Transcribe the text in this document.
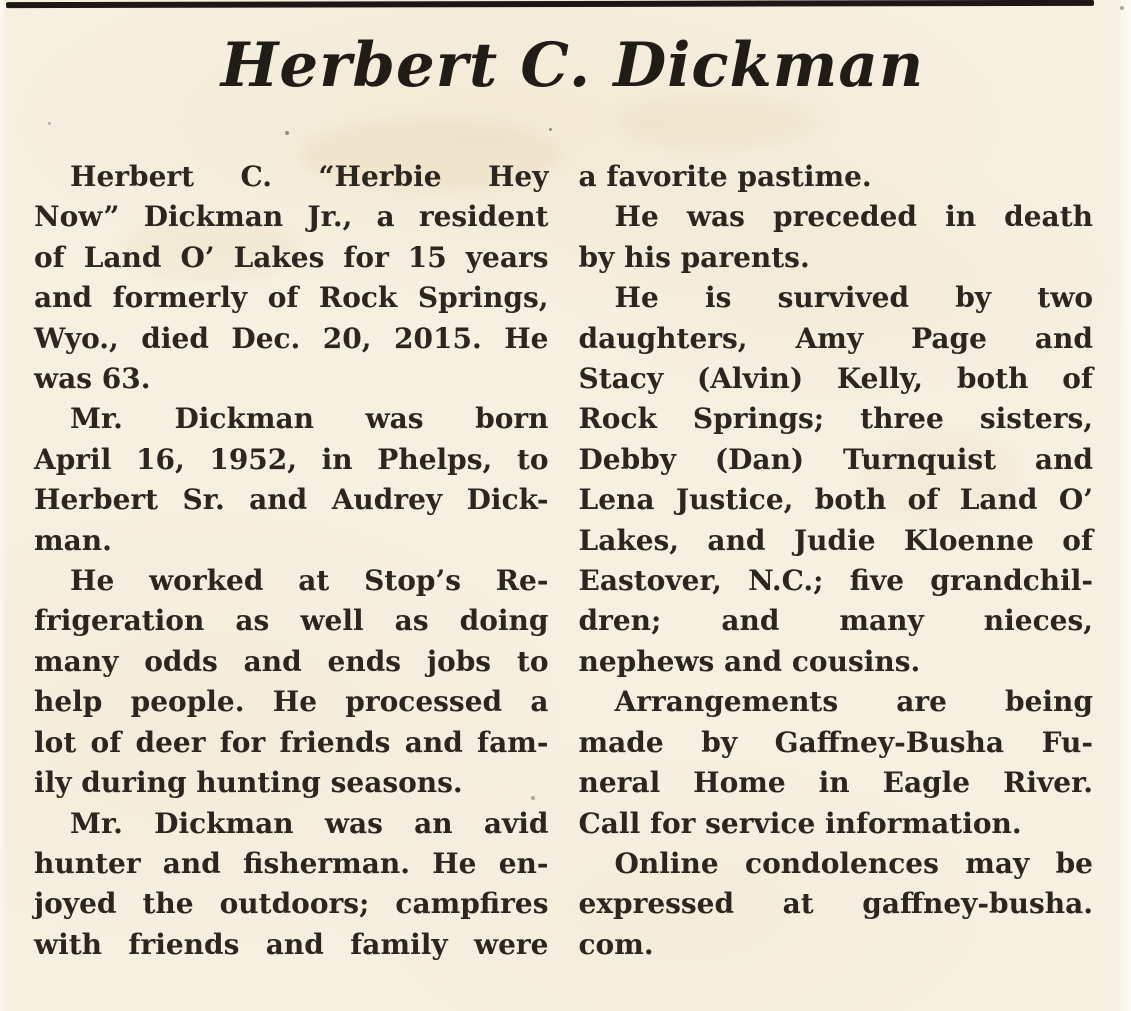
Herbert C. Dickman
Herbert C. “Herbie Hey
Now” Dickman Jr., a resident
of Land O’ Lakes for 15 years
and formerly of Rock Springs,
Wyo., died Dec. 20, 2015. He
was 63.
Mr. Dickman was born
April 16, 1952, in Phelps, to
Herbert Sr. and Audrey Dick-
man.
He worked at Stop’s Re-
frigeration as well as doing
many odds and ends jobs to
help people. He processed a
lot of deer for friends and fam-
ily during hunting seasons.
Mr. Dickman was an avid
hunter and fisherman. He en-
joyed the outdoors; campfires
with friends and family were
a favorite pastime.
He was preceded in death
by his parents.
He is survived by two
daughters, Amy Page and
Stacy (Alvin) Kelly, both of
Rock Springs; three sisters,
Debby (Dan) Turnquist and
Lena Justice, both of Land O’
Lakes, and Judie Kloenne of
Eastover, N.C.; five grandchil-
dren; and many nieces,
nephews and cousins.
Arrangements are being
made by Gaffney-Busha Fu-
neral Home in Eagle River.
Call for service information.
Online condolences may be
expressed at gaffney-busha.
com.
